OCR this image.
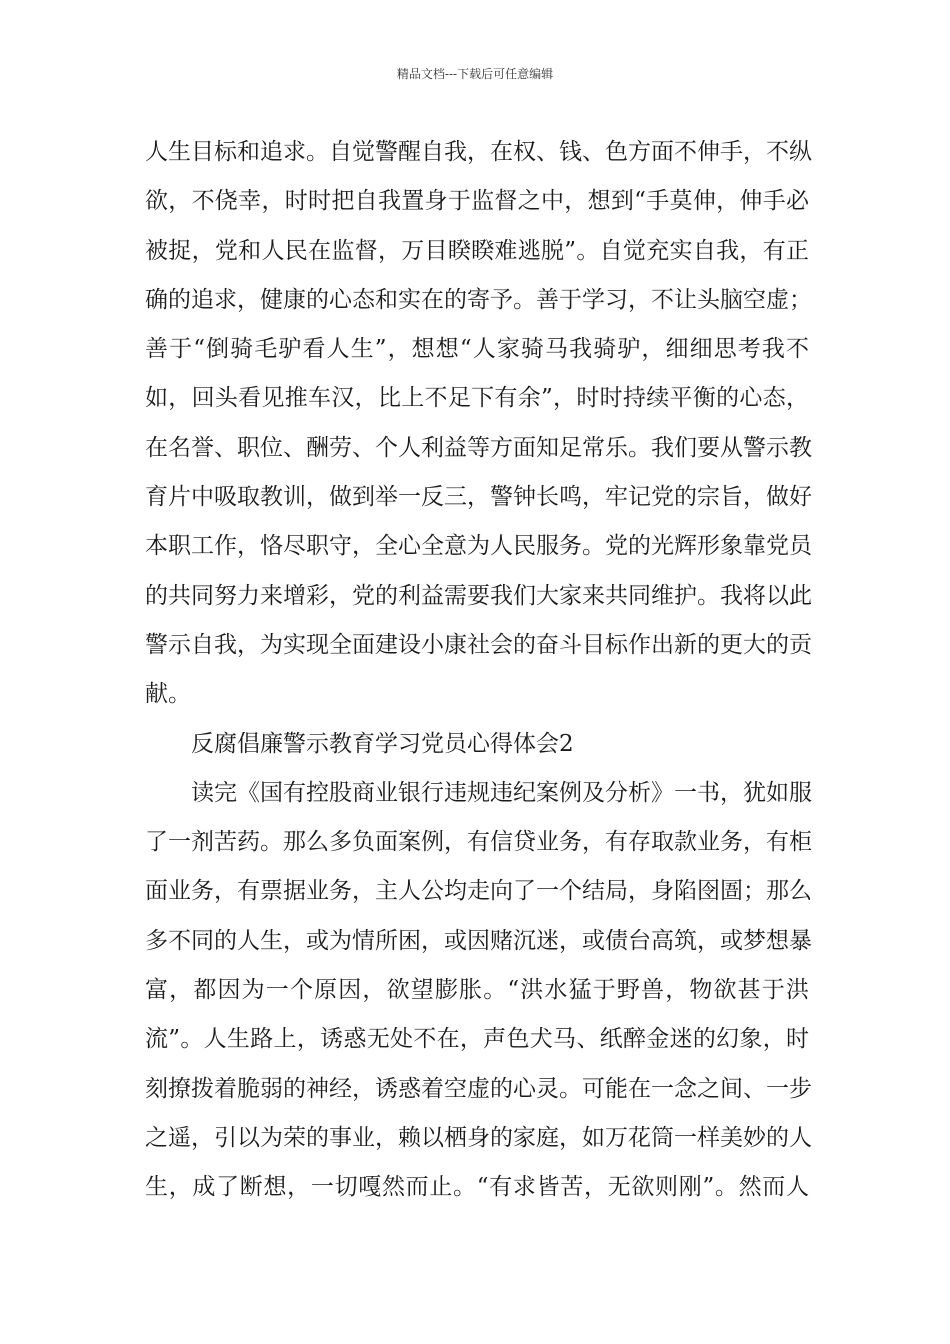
精品文档---下载后可任意编辑
人生目标和追求。自觉警醒自我，在权、钱、色方面不伸手，不纵
欲，不侥幸，时时把自我置身于监督之中，想到“手莫伸，伸手必
被捉，党和人民在监督，万目睽睽难逃脱”。自觉充实自我，有正
确的追求，健康的心态和实在的寄予。善于学习，不让头脑空虚；
善于“倒骑毛驴看人生”，想想“人家骑马我骑驴，细细思考我不
如，回头看见推车汉，比上不足下有余”，时时持续平衡的心态，
在名誉、职位、酬劳、个人利益等方面知足常乐。我们要从警示教
育片中吸取教训，做到举一反三，警钟长鸣，牢记党的宗旨，做好
本职工作，恪尽职守，全心全意为人民服务。党的光辉形象靠党员
的共同努力来增彩，党的利益需要我们大家来共同维护。我将以此
警示自我，为实现全面建设小康社会的奋斗目标作出新的更大的贡
献。
反腐倡廉警示教育学习党员心得体会2
读完《国有控股商业银行违规违纪案例及分析》一书，犹如服
了一剂苦药。那么多负面案例，有信贷业务，有存取款业务，有柜
面业务，有票据业务，主人公均走向了一个结局，身陷囹圄；那么
多不同的人生，或为情所困，或因赌沉迷，或债台高筑，或梦想暴
富，都因为一个原因，欲望膨胀。“洪水猛于野兽，物欲甚于洪
流”。人生路上，诱惑无处不在，声色犬马、纸醉金迷的幻象，时
刻撩拨着脆弱的神经，诱惑着空虚的心灵。可能在一念之间、一步
之遥，引以为荣的事业，赖以栖身的家庭，如万花筒一样美妙的人
生，成了断想，一切嘎然而止。“有求皆苦，无欲则刚”。然而人
